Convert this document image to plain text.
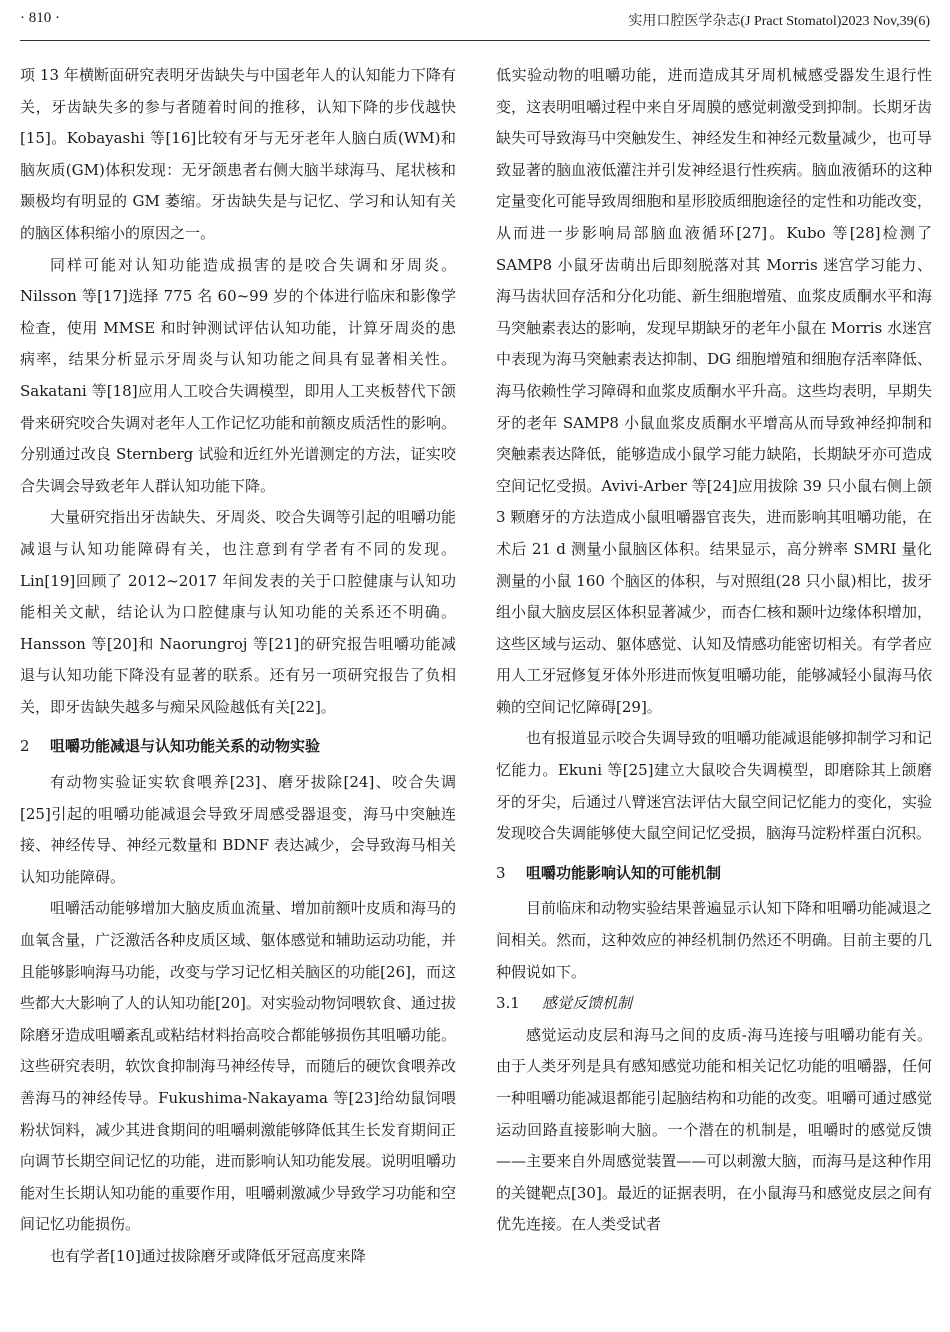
· 810 ·	实用口腔医学杂志(J Pract Stomatol)2023 Nov,39(6)

项 13 年横断面研究表明牙齿缺失与中国老年人的认知能力下降有关，牙齿缺失多的参与者随着时间的推移，认知下降的步伐越快[15]。Kobayashi 等[16]比较有牙与无牙老年人脑白质(WM)和脑灰质(GM)体积发现：无牙颌患者右侧大脑半球海马、尾状核和颞极均有明显的 GM 萎缩。牙齿缺失是与记忆、学习和认知有关的脑区体积缩小的原因之一。

同样可能对认知功能造成损害的是咬合失调和牙周炎。Nilsson 等[17]选择 775 名 60~99 岁的个体进行临床和影像学检查，使用 MMSE 和时钟测试评估认知功能，计算牙周炎的患病率，结果分析显示牙周炎与认知功能之间具有显著相关性。Sakatani 等[18]应用人工咬合失调模型，即用人工夹板替代下颌骨来研究咬合失调对老年人工作记忆功能和前额皮质活性的影响。分别通过改良 Sternberg 试验和近红外光谱测定的方法，证实咬合失调会导致老年人群认知功能下降。

大量研究指出牙齿缺失、牙周炎、咬合失调等引起的咀嚼功能减退与认知功能障碍有关，也注意到有学者有不同的发现。Lin[19]回顾了 2012~2017 年间发表的关于口腔健康与认知功能相关文献，结论认为口腔健康与认知功能的关系还不明确。Hansson 等[20]和 Naorungroj 等[21]的研究报告咀嚼功能减退与认知功能下降没有显著的联系。还有另一项研究报告了负相关，即牙齿缺失越多与痴呆风险越低有关[22]。

2 咀嚼功能减退与认知功能关系的动物实验

有动物实验证实软食喂养[23]、磨牙拔除[24]、咬合失调[25]引起的咀嚼功能减退会导致牙周感受器退变，海马中突触连接、神经传导、神经元数量和 BDNF 表达减少，会导致海马相关认知功能障碍。

咀嚼活动能够增加大脑皮质血流量、增加前额叶皮质和海马的血氧含量，广泛激活各种皮质区域、躯体感觉和辅助运动功能，并且能够影响海马功能，改变与学习记忆相关脑区的功能[26]，而这些都大大影响了人的认知功能[20]。对实验动物饲喂软食、通过拔除磨牙造成咀嚼紊乱或粘结材料抬高咬合都能够损伤其咀嚼功能。这些研究表明，软饮食抑制海马神经传导，而随后的硬饮食喂养改善海马的神经传导。Fukushima-Nakayama 等[23]给幼鼠饲喂粉状饲料，减少其进食期间的咀嚼刺激能够降低其生长发育期间正向调节长期空间记忆的功能，进而影响认知功能发展。说明咀嚼功能对生长期认知功能的重要作用，咀嚼刺激减少导致学习功能和空间记忆功能损伤。

也有学者[10]通过拔除磨牙或降低牙冠高度来降

低实验动物的咀嚼功能，进而造成其牙周机械感受器发生退行性变，这表明咀嚼过程中来自牙周膜的感觉刺激受到抑制。长期牙齿缺失可导致海马中突触发生、神经发生和神经元数量减少，也可导致显著的脑血液低灌注并引发神经退行性疾病。脑血液循环的这种定量变化可能导致周细胞和星形胶质细胞途径的定性和功能改变，从而进一步影响局部脑血液循环[27]。Kubo 等[28]检测了 SAMP8 小鼠牙齿萌出后即刻脱落对其 Morris 迷宫学习能力、海马齿状回存活和分化功能、新生细胞增殖、血浆皮质酮水平和海马突触素表达的影响，发现早期缺牙的老年小鼠在 Morris 水迷宫中表现为海马突触素表达抑制、DG 细胞增殖和细胞存活率降低、海马依赖性学习障碍和血浆皮质酮水平升高。这些均表明，早期失牙的老年 SAMP8 小鼠血浆皮质酮水平增高从而导致神经抑制和突触素表达降低，能够造成小鼠学习能力缺陷，长期缺牙亦可造成空间记忆受损。Avivi-Arber 等[24]应用拔除 39 只小鼠右侧上颌 3 颗磨牙的方法造成小鼠咀嚼器官丧失，进而影响其咀嚼功能，在术后 21 d 测量小鼠脑区体积。结果显示，高分辨率 SMRI 量化测量的小鼠 160 个脑区的体积，与对照组(28 只小鼠)相比，拔牙组小鼠大脑皮层区体积显著减少，而杏仁核和颞叶边缘体积增加，这些区域与运动、躯体感觉、认知及情感功能密切相关。有学者应用人工牙冠修复牙体外形进而恢复咀嚼功能，能够减轻小鼠海马依赖的空间记忆障碍[29]。

也有报道显示咬合失调导致的咀嚼功能减退能够抑制学习和记忆能力。Ekuni 等[25]建立大鼠咬合失调模型，即磨除其上颌磨牙的牙尖，后通过八臂迷宫法评估大鼠空间记忆能力的变化，实验发现咬合失调能够使大鼠空间记忆受损，脑海马淀粉样蛋白沉积。

3 咀嚼功能影响认知的可能机制

目前临床和动物实验结果普遍显示认知下降和咀嚼功能减退之间相关。然而，这种效应的神经机制仍然还不明确。目前主要的几种假说如下。

3.1 感觉反馈机制

感觉运动皮层和海马之间的皮质-海马连接与咀嚼功能有关。由于人类牙列是具有感知感觉功能和相关记忆功能的咀嚼器，任何一种咀嚼功能减退都能引起脑结构和功能的改变。咀嚼可通过感觉运动回路直接影响大脑。一个潜在的机制是，咀嚼时的感觉反馈——主要来自外周感觉装置——可以刺激大脑，而海马是这种作用的关键靶点[30]。最近的证据表明，在小鼠海马和感觉皮层之间有优先连接。在人类受试者
